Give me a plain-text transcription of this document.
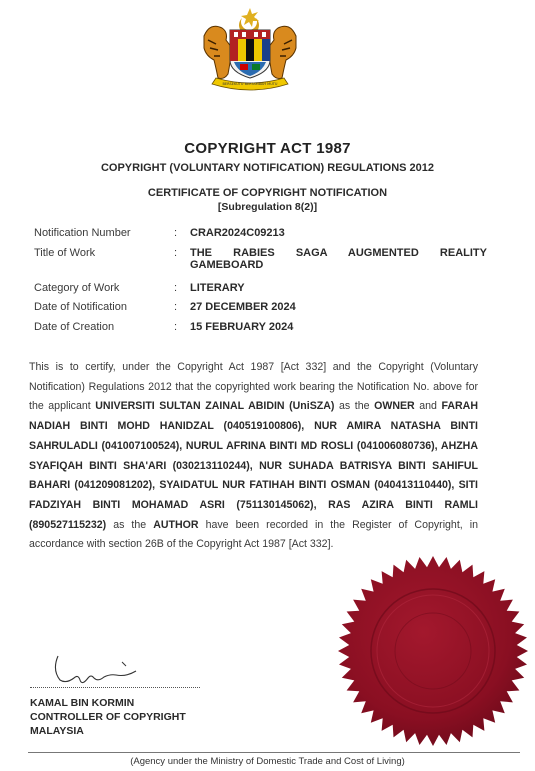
BERSEKUTU BERTAMBAH MUTU
COPYRIGHT ACT 1987
COPYRIGHT (VOLUNTARY NOTIFICATION) REGULATIONS 2012
CERTIFICATE OF COPYRIGHT NOTIFICATION
[Subregulation 8(2)]
Notification Number	:	CRAR2024C09213
Title of Work	:	THE RABIES SAGA AUGMENTED REALITY
GAMEBOARD

Category of Work	:	LITERARY
Date of Notification	:	27 DECEMBER 2024
Date of Creation	:	15 FEBRUARY 2024
This is to certify, under the Copyright Act 1987 [Act 332] and the Copyright (Voluntary Notification) Regulations 2012 that the copyrighted work bearing the Notification No. above for the applicant UNIVERSITI SULTAN ZAINAL ABIDIN (UniSZA) as the OWNER and FARAH NADIAH BINTI MOHD HANIDZAL (040519100806), NUR AMIRA NATASHA BINTI SAHRULADLI (041007100524), NURUL AFRINA BINTI MD ROSLI (041006080736), AHZHA SYAFIQAH BINTI SHA'ARI (030213110244), NUR SUHADA BATRISYA BINTI SAHIFUL BAHARI (041209081202), SYAIDATUL NUR FATIHAH BINTI OSMAN (040413110440), SITI FADZIYAH BINTI MOHAMAD ASRI (751130145062), RAS AZIRA BINTI RAMLI (890527115232) as the AUTHOR have been recorded in the Register of Copyright, in accordance with section 26B of the Copyright Act 1987 [Act 332].
KAMAL BIN KORMIN
CONTROLLER OF COPYRIGHT
MALAYSIA
(Agency under the Ministry of Domestic Trade and Cost of Living)
